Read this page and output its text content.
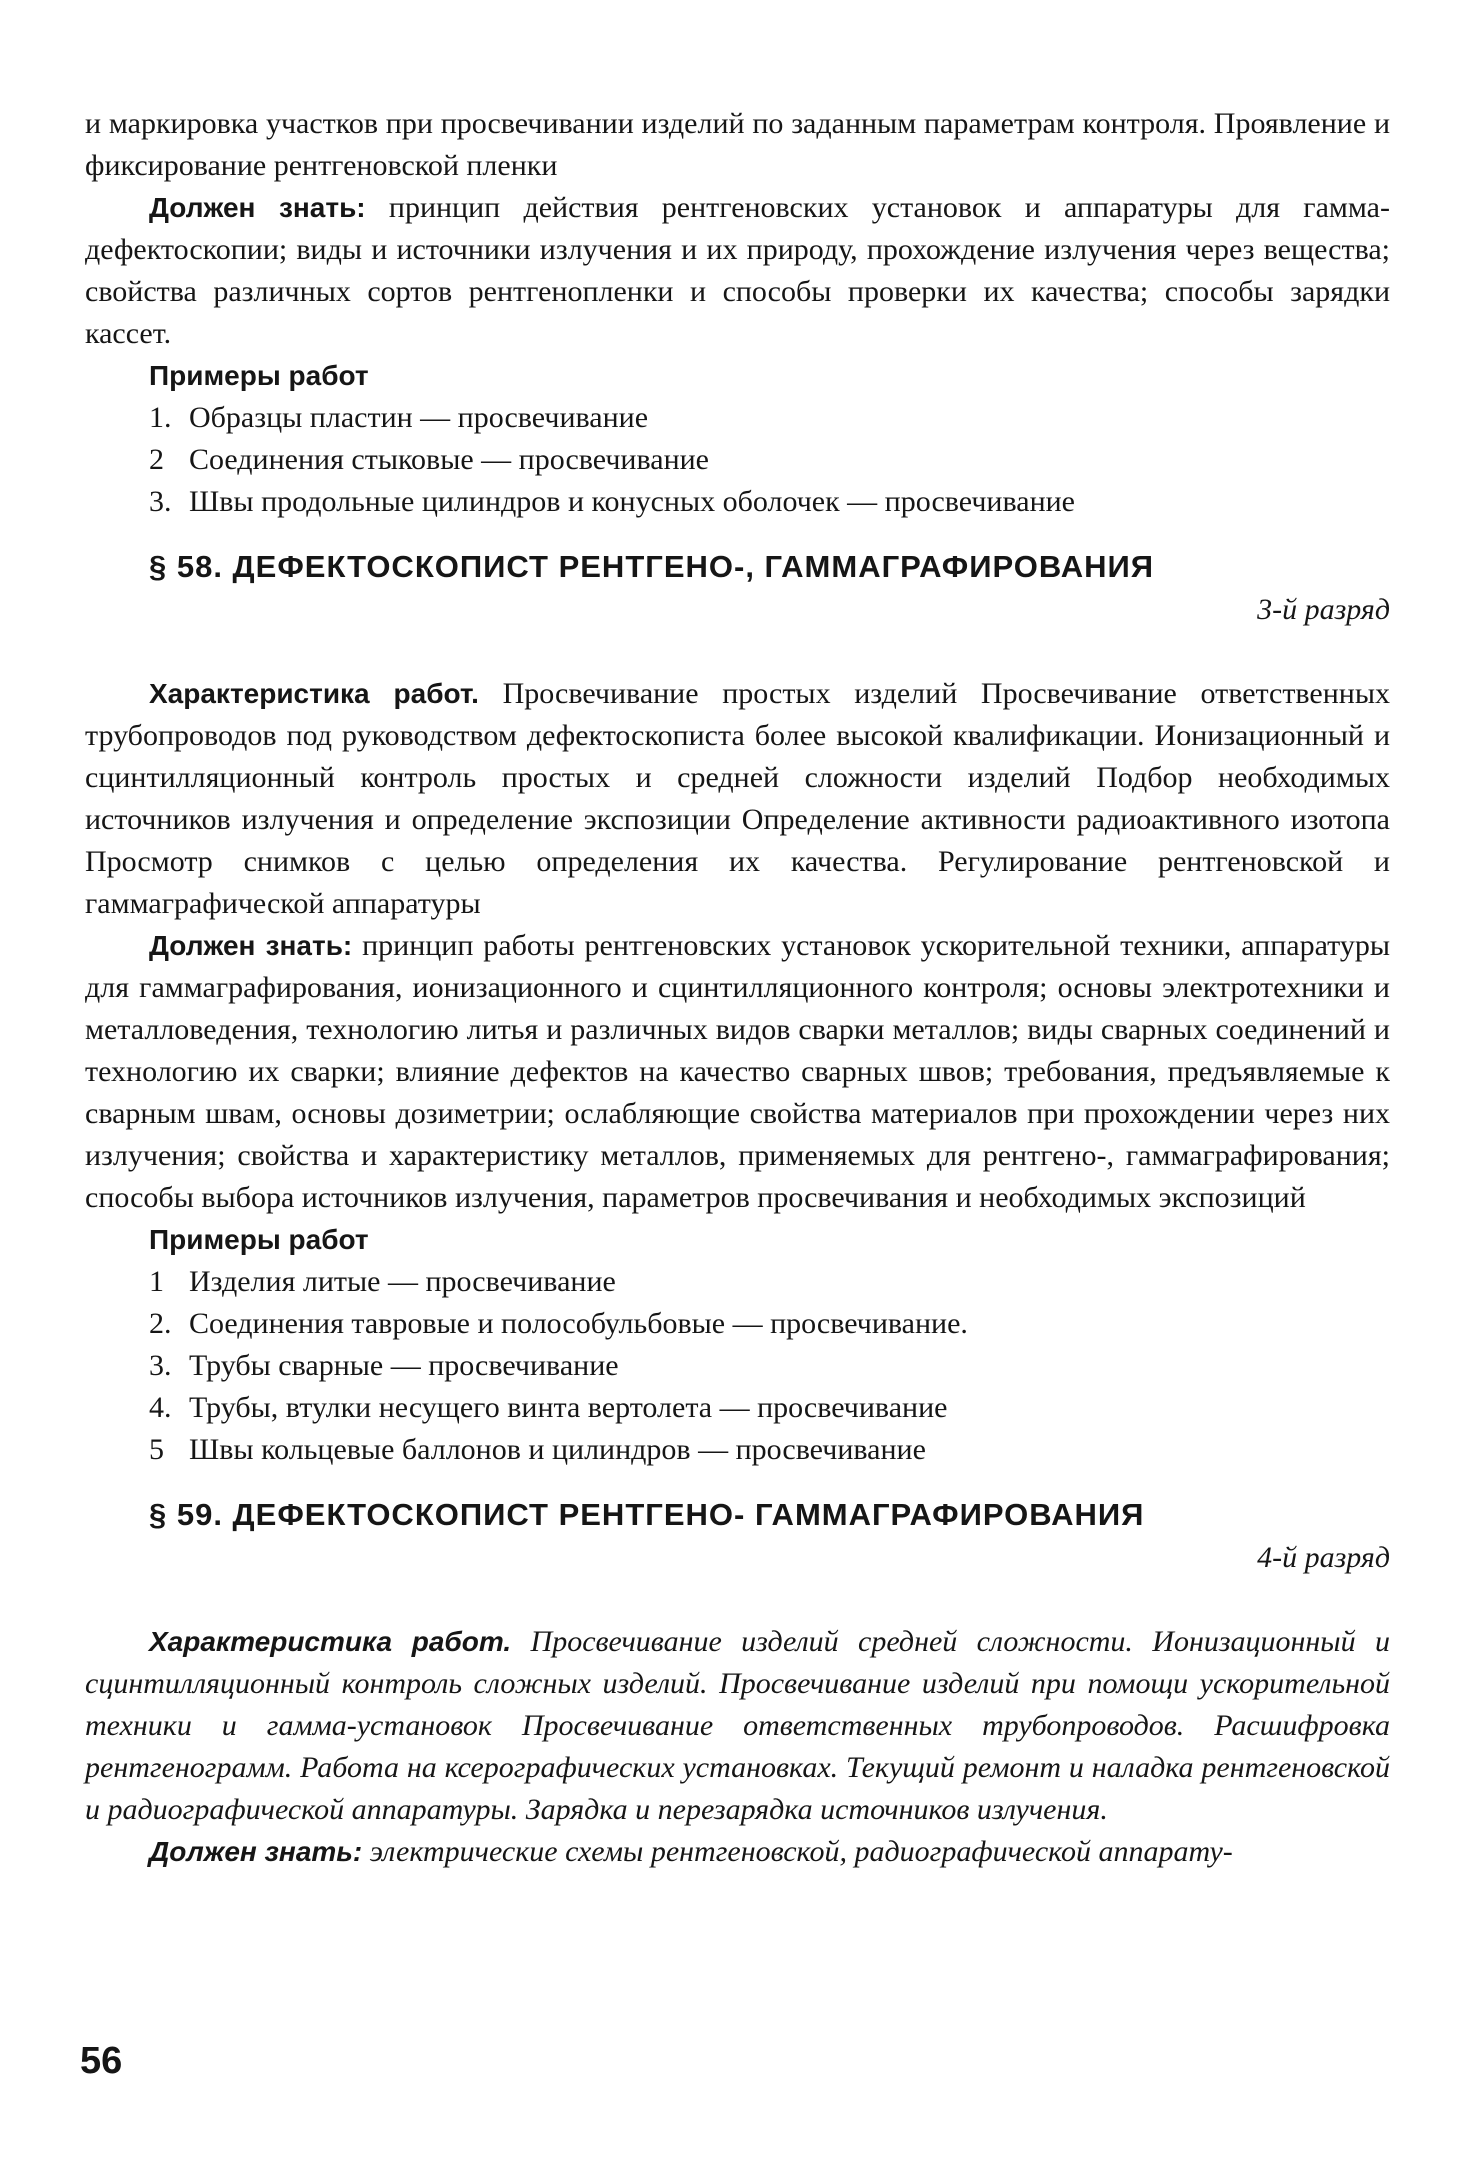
и маркировка участков при просвечивании изделий по заданным параметрам контроля. Проявление и фиксирование рентгеновской пленки

Должен знать: принцип действия рентгеновских установок и аппаратуры для гамма-дефектоскопии; виды и источники излучения и их природу, прохождение излучения через вещества; свойства различных сортов рентгенопленки и способы проверки их качества; способы зарядки кассет.

Примеры работ
1. Образцы пластин — просвечивание
2 Соединения стыковые — просвечивание
3. Швы продольные цилиндров и конусных оболочек — просвечивание
§ 58. ДЕФЕКТОСКОПИСТ РЕНТГЕНО-, ГАММАГРАФИРОВАНИЯ
3-й разряд

Характеристика работ. Просвечивание простых изделий Просвечивание ответственных трубопроводов под руководством дефектоскописта более высокой квалификации. Ионизационный и сцинтилляционный контроль простых и средней сложности изделий Подбор необходимых источников излучения и определение экспозиции Определение активности радиоактивного изотопа Просмотр снимков с целью определения их качества. Регулирование рентгеновской и гаммаграфической аппаратуры

Должен знать: принцип работы рентгеновских установок ускорительной техники, аппаратуры для гаммаграфирования, ионизационного и сцинтилляционного контроля; основы электротехники и металловедения, технологию литья и различных видов сварки металлов; виды сварных соединений и технологию их сварки; влияние дефектов на качество сварных швов; требования, предъявляемые к сварным швам, основы дозиметрии; ослабляющие свойства материалов при прохождении через них излучения; свойства и характеристику металлов, применяемых для рентгено-, гаммаграфирования; способы выбора источников излучения, параметров просвечивания и необходимых экспозиций

Примеры работ
1 Изделия литые — просвечивание
2. Соединения тавровые и полособульбовые — просвечивание.
3. Трубы сварные — просвечивание
4. Трубы, втулки несущего винта вертолета — просвечивание
5 Швы кольцевые баллонов и цилиндров — просвечивание
§ 59. ДЕФЕКТОСКОПИСТ РЕНТГЕНО- ГАММАГРАФИРОВАНИЯ
4-й разряд

Характеристика работ. Просвечивание изделий средней сложности. Ионизационный и сцинтилляционный контроль сложных изделий. Просвечивание изделий при помощи ускорительной техники и гамма-установок Просвечивание ответственных трубопроводов. Расшифровка рентгенограмм. Работа на ксерографических установках. Текущий ремонт и наладка рентгеновской и радиографической аппаратуры. Зарядка и перезарядка источников излучения.

Должен знать: электрические схемы рентгеновской, радиографической аппарату-

56
